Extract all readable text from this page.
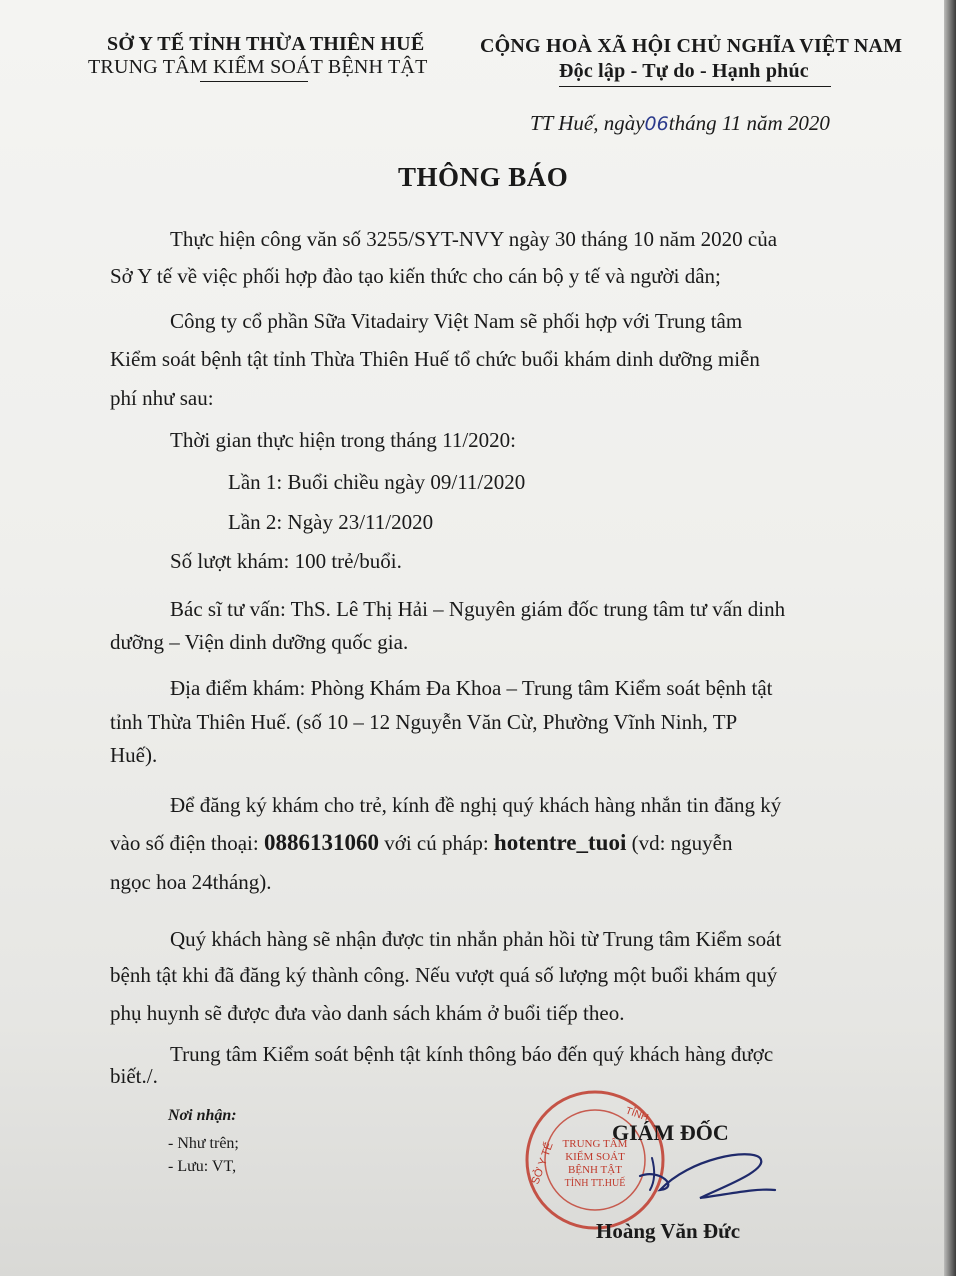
SỞ Y TẾ TỈNH THỪA THIÊN HUẾ
TRUNG TÂM KIỂM SOÁT BỆNH TẬT
CỘNG HOÀ XÃ HỘI CHỦ NGHĨA VIỆT NAM
Độc lập - Tự do - Hạnh phúc
TT Huế, ngày06tháng 11 năm 2020
THÔNG BÁO
Thực hiện công văn số 3255/SYT-NVY ngày 30 tháng 10 năm 2020 của
Sở Y tế về việc phối hợp đào tạo kiến thức cho cán bộ y tế và người dân;
Công ty cổ phần Sữa Vitadairy Việt Nam sẽ phối hợp với Trung tâm
Kiểm soát bệnh tật tỉnh Thừa Thiên Huế tổ chức buổi khám dinh dưỡng miễn
phí như sau:
Thời gian thực hiện trong tháng 11/2020:
Lần 1: Buổi chiều ngày 09/11/2020
Lần 2: Ngày 23/11/2020
Số lượt khám: 100 trẻ/buổi.
Bác sĩ tư vấn: ThS. Lê Thị Hải – Nguyên giám đốc trung tâm tư vấn dinh
dưỡng – Viện dinh dưỡng quốc gia.
Địa điểm khám: Phòng Khám Đa Khoa – Trung tâm Kiểm soát bệnh tật
tỉnh Thừa Thiên Huế. (số 10 – 12 Nguyễn Văn Cừ, Phường Vĩnh Ninh, TP
Huế).
Để đăng ký khám cho trẻ, kính đề nghị quý khách hàng nhắn tin đăng ký
vào số điện thoại: 0886131060 với cú pháp: hotentre_tuoi (vd: nguyễn
ngọc hoa 24tháng).
Quý khách hàng sẽ nhận được tin nhắn phản hồi từ Trung tâm Kiểm soát
bệnh tật khi đã đăng ký thành công. Nếu vượt quá số lượng một buổi khám quý
phụ huynh sẽ được đưa vào danh sách khám ở buổi tiếp theo.
Trung tâm Kiểm soát bệnh tật kính thông báo đến quý khách hàng được
biết./.
Nơi nhận:
- Như trên;
- Lưu: VT,	SỞ Y TẾ
TỈNH
TRUNG TÂM
KIỂM SOÁT
BỆNH TẬT
TỈNH TT.HUẾ
GIÁM ĐỐC
Hoàng Văn Đức
